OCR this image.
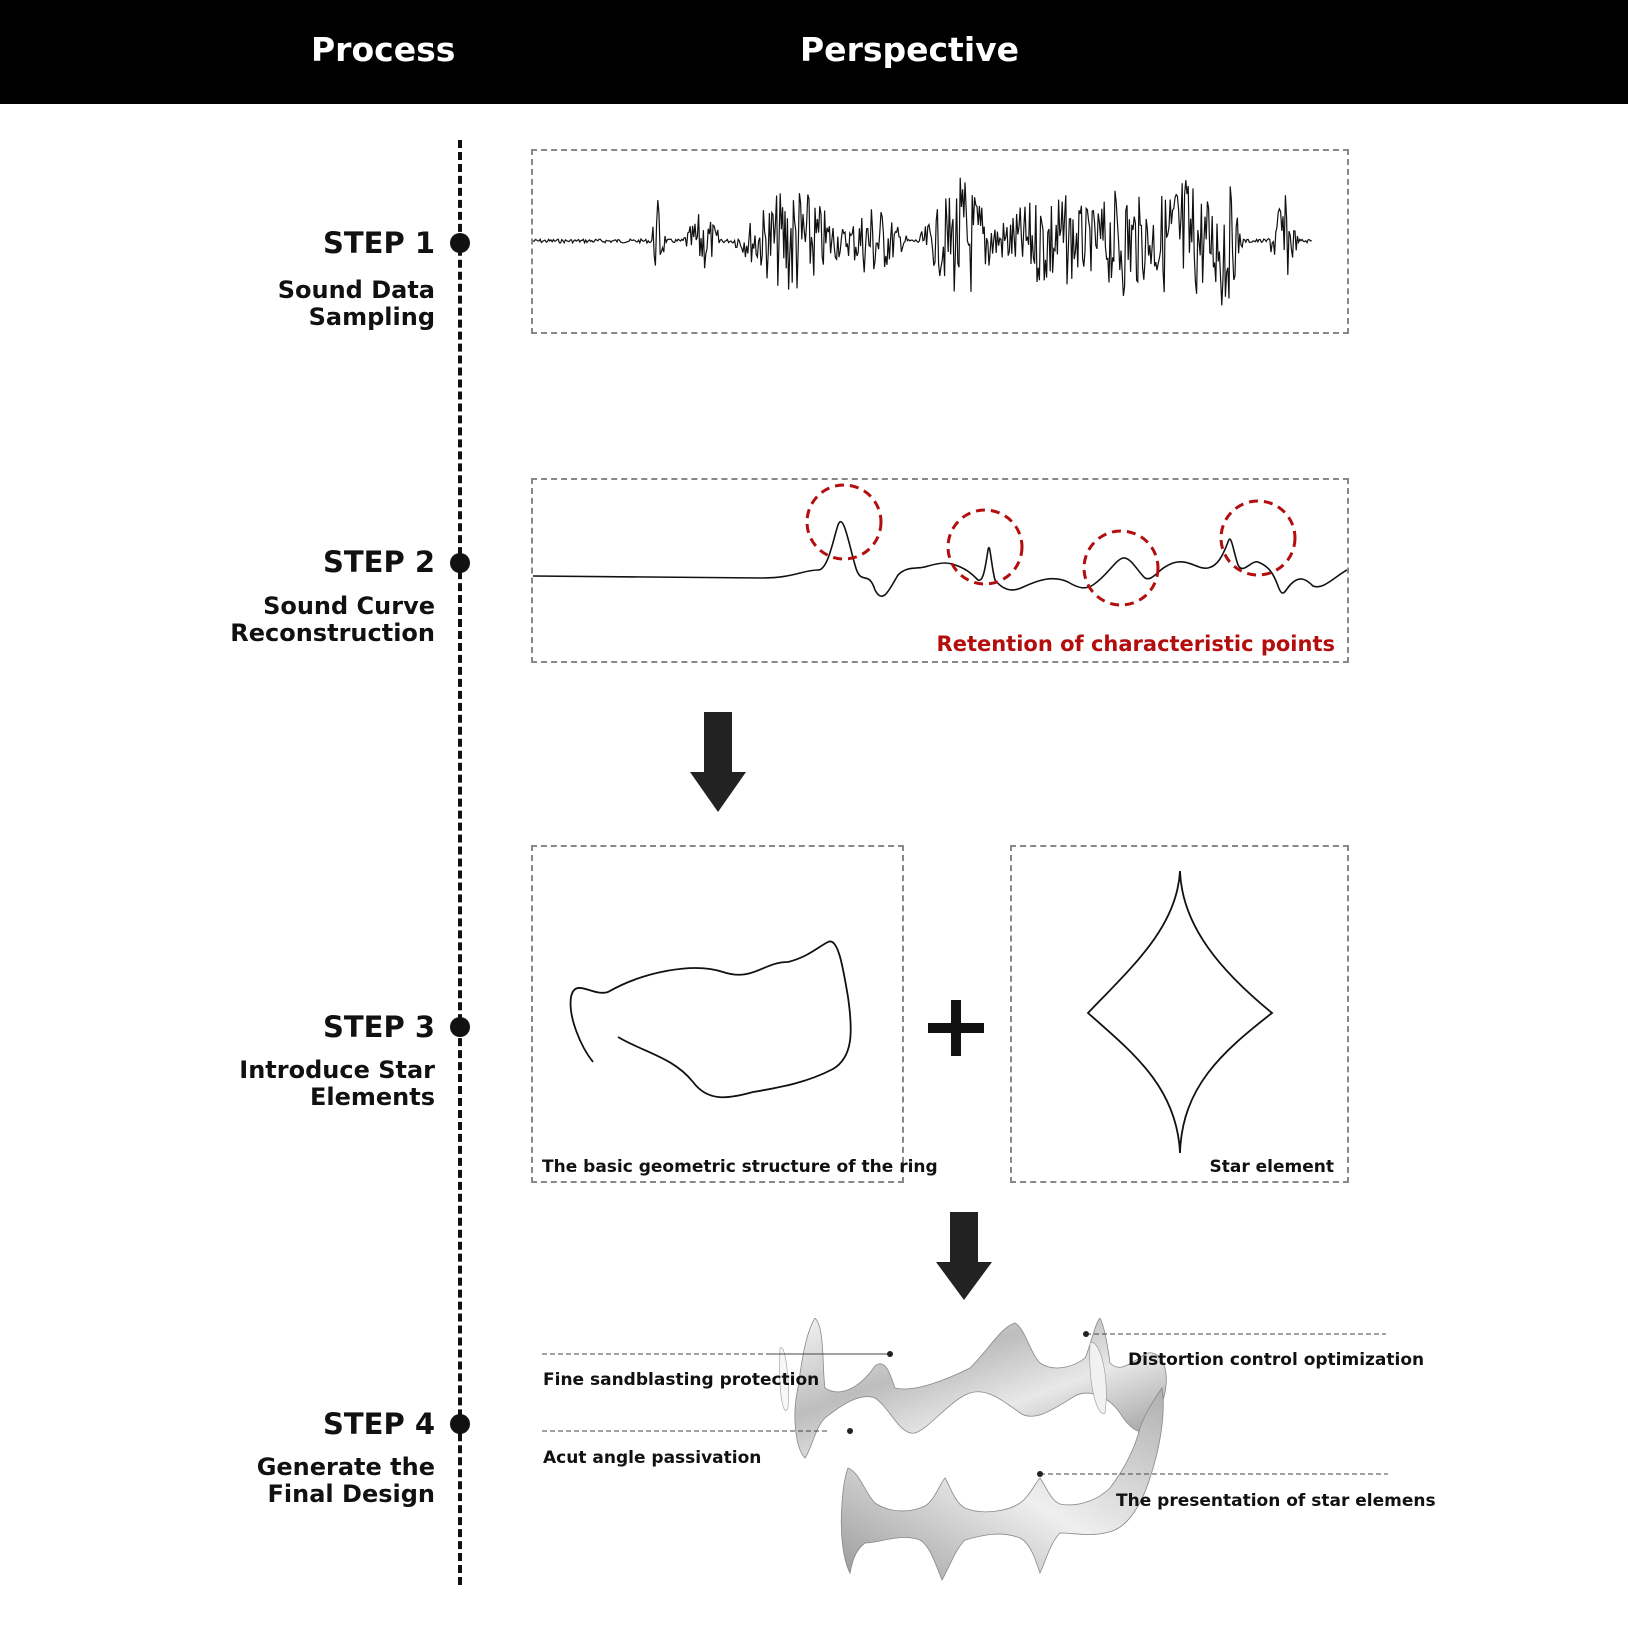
Process	Perspective
STEP 1
Sound Data
Sampling
STEP 2
Sound Curve
Reconstruction
STEP 3
Introduce Star
Elements
STEP 4
Generate the
Final Design
Retention of characteristic points
The basic geometric structure of the ring	Star element
Fine sandblasting protection
Distortion control optimization
Acut angle passivation
The presentation of star elemens
